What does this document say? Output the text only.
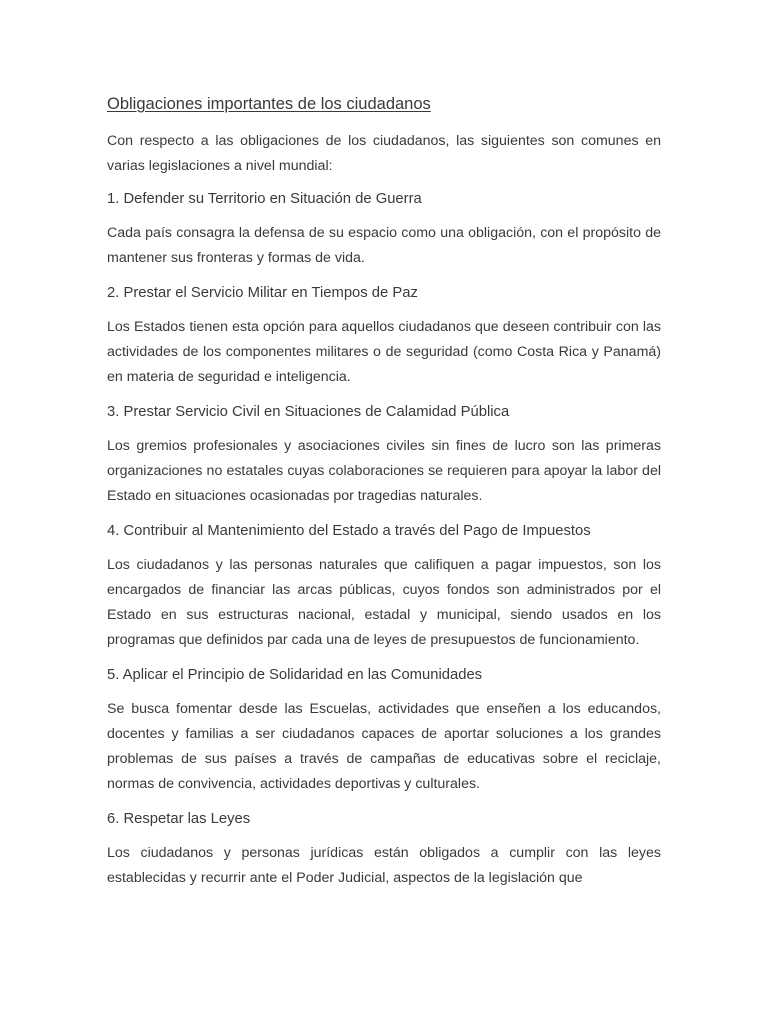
Obligaciones importantes de los ciudadanos

Con respecto a las obligaciones de los ciudadanos, las siguientes son comunes en varias legislaciones a nivel mundial:

1. Defender su Territorio en Situación de Guerra

Cada país consagra la defensa de su espacio como una obligación, con el propósito de mantener sus fronteras y formas de vida.

2. Prestar el Servicio Militar en Tiempos de Paz

Los Estados tienen esta opción para aquellos ciudadanos que deseen contribuir con las actividades de los componentes militares o de seguridad (como Costa Rica y Panamá) en materia de seguridad e inteligencia.

3. Prestar Servicio Civil en Situaciones de Calamidad Pública

Los gremios profesionales y asociaciones civiles sin fines de lucro son las primeras organizaciones no estatales cuyas colaboraciones se requieren para apoyar la labor del Estado en situaciones ocasionadas por tragedias naturales.

4. Contribuir al Mantenimiento del Estado a través del Pago de Impuestos

Los ciudadanos y las personas naturales que califiquen a pagar impuestos, son los encargados de financiar las arcas públicas, cuyos fondos son administrados por el Estado en sus estructuras nacional, estadal y municipal, siendo usados en los programas que definidos par cada una de leyes de presupuestos de funcionamiento.

5. Aplicar el Principio de Solidaridad en las Comunidades

Se busca fomentar desde las Escuelas, actividades que enseñen a los educandos, docentes y familias a ser ciudadanos capaces de aportar soluciones a los grandes problemas de sus países a través de campañas de educativas sobre el reciclaje, normas de convivencia, actividades deportivas y culturales.

6. Respetar las Leyes

Los ciudadanos y personas jurídicas están obligados a cumplir con las leyes establecidas y recurrir ante el Poder Judicial, aspectos de la legislación que
